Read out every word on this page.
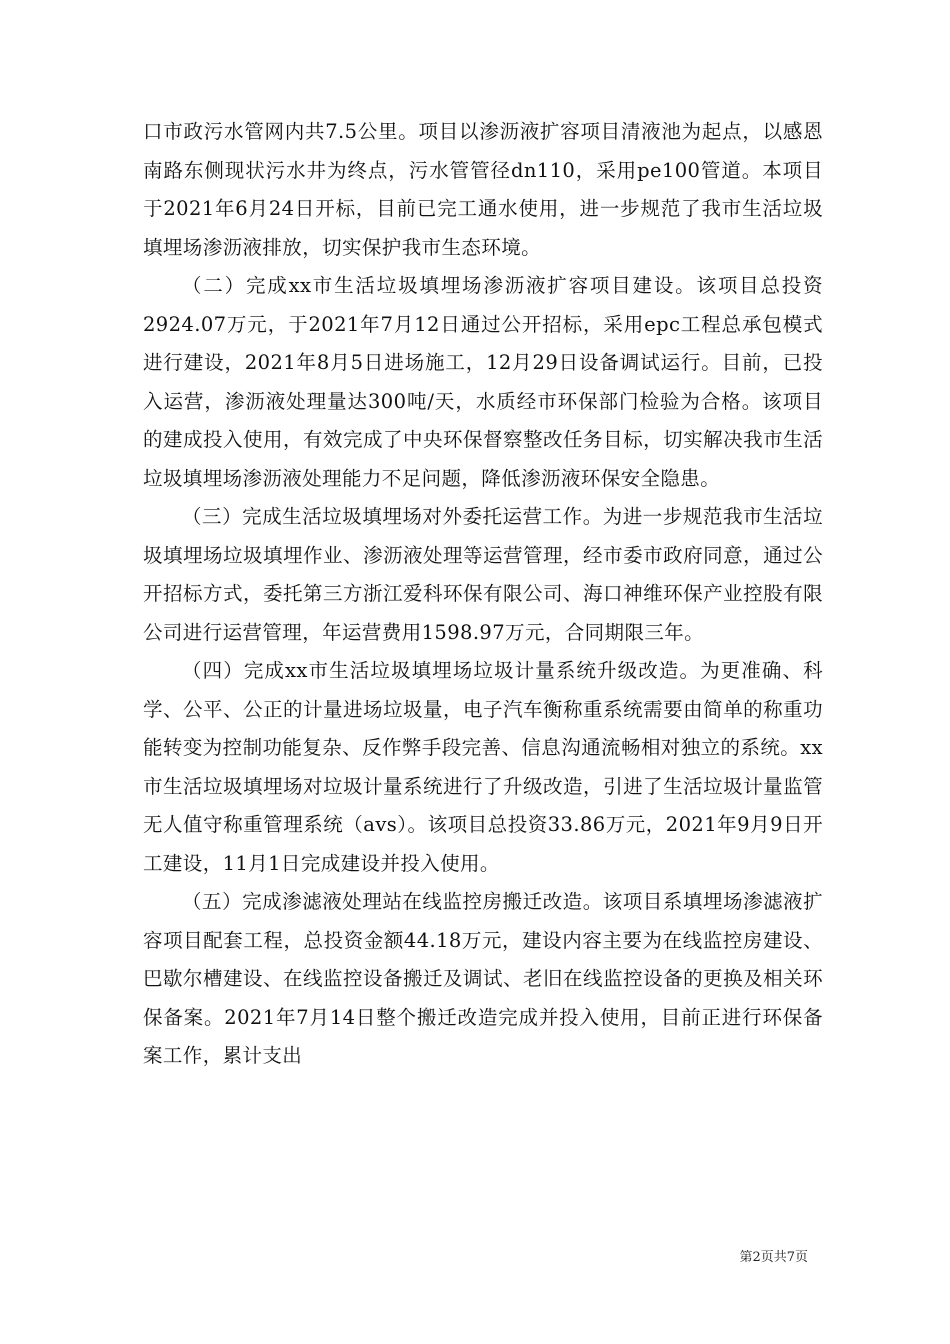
口市政污水管网内共7.5公里。项目以渗沥液扩容项目清液池为起点，以感恩南路东侧现状污水井为终点，污水管管径dn110，采用pe100管道。本项目于2021年6月24日开标，目前已完工通水使用，进一步规范了我市生活垃圾填埋场渗沥液排放，切实保护我市生态环境。

（二）完成xx市生活垃圾填埋场渗沥液扩容项目建设。该项目总投资2924.07万元，于2021年7月12日通过公开招标，采用epc工程总承包模式进行建设，2021年8月5日进场施工，12月29日设备调试运行。目前，已投入运营，渗沥液处理量达300吨/天，水质经市环保部门检验为合格。该项目的建成投入使用，有效完成了中央环保督察整改任务目标，切实解决我市生活垃圾填埋场渗沥液处理能力不足问题，降低渗沥液环保安全隐患。

（三）完成生活垃圾填埋场对外委托运营工作。为进一步规范我市生活垃圾填埋场垃圾填埋作业、渗沥液处理等运营管理，经市委市政府同意，通过公开招标方式，委托第三方浙江爱科环保有限公司、海口神维环保产业控股有限公司进行运营管理，年运营费用1598.97万元，合同期限三年。

（四）完成xx市生活垃圾填埋场垃圾计量系统升级改造。为更准确、科学、公平、公正的计量进场垃圾量，电子汽车衡称重系统需要由简单的称重功能转变为控制功能复杂、反作弊手段完善、信息沟通流畅相对独立的系统。xx市生活垃圾填埋场对垃圾计量系统进行了升级改造，引进了生活垃圾计量监管无人值守称重管理系统（avs）。该项目总投资33.86万元，2021年9月9日开工建设，11月1日完成建设并投入使用。

（五）完成渗滤液处理站在线监控房搬迁改造。该项目系填埋场渗滤液扩容项目配套工程，总投资金额44.18万元，建设内容主要为在线监控房建设、巴歇尔槽建设、在线监控设备搬迁及调试、老旧在线监控设备的更换及相关环保备案。2021年7月14日整个搬迁改造完成并投入使用，目前正进行环保备案工作，累计支出

第2页共7页
